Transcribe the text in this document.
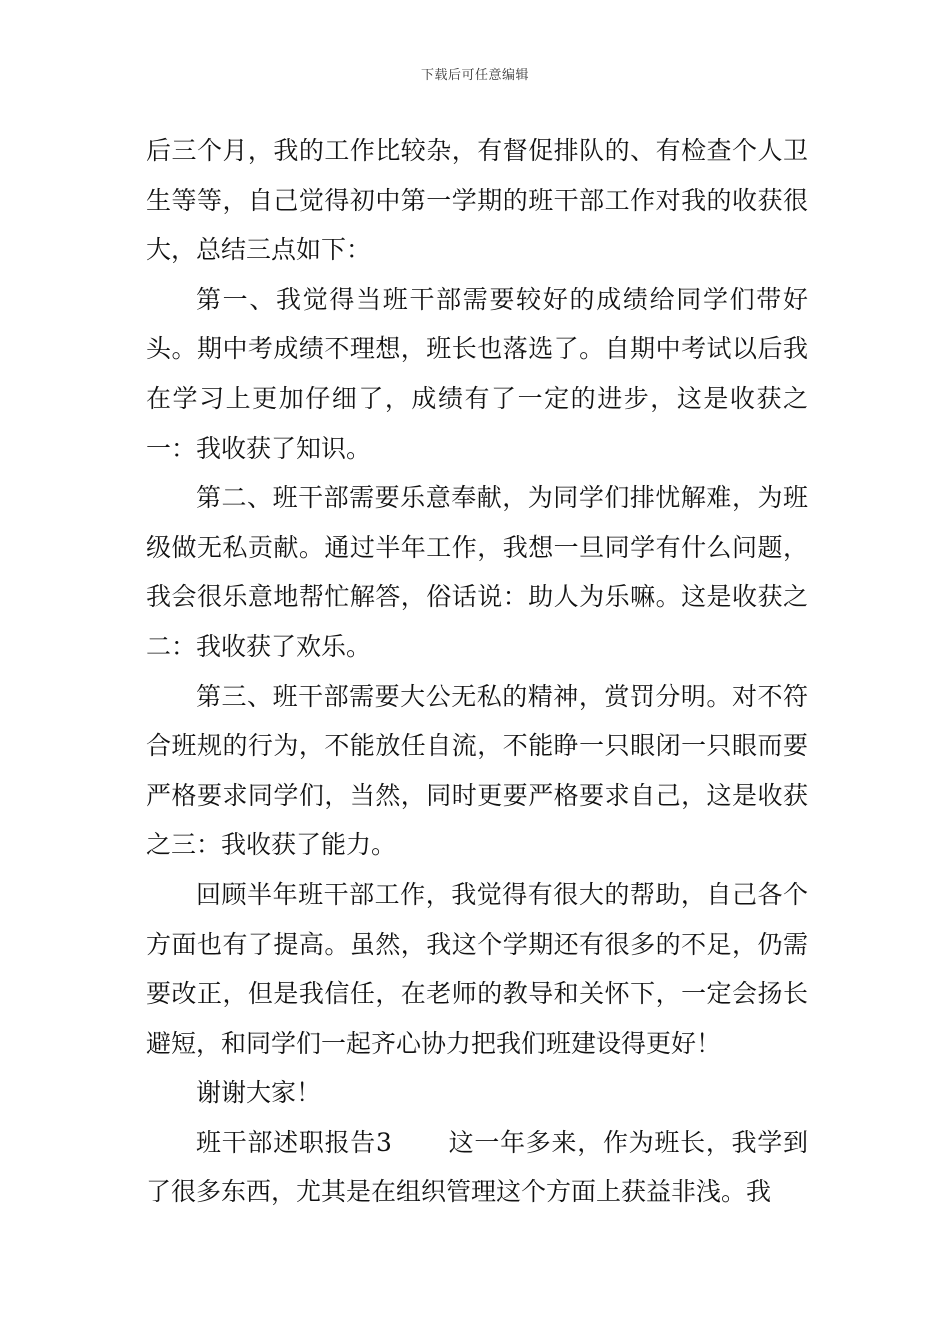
下载后可任意编辑

后三个月，我的工作比较杂，有督促排队的、有检查个人卫生等等，自己觉得初中第一学期的班干部工作对我的收获很大，总结三点如下：

第一、我觉得当班干部需要较好的成绩给同学们带好头。期中考成绩不理想，班长也落选了。自期中考试以后我在学习上更加仔细了，成绩有了一定的进步，这是收获之一：我收获了知识。

第二、班干部需要乐意奉献，为同学们排忧解难，为班级做无私贡献。通过半年工作，我想一旦同学有什么问题，我会很乐意地帮忙解答，俗话说：助人为乐嘛。这是收获之二：我收获了欢乐。

第三、班干部需要大公无私的精神，赏罚分明。对不符合班规的行为，不能放任自流，不能睁一只眼闭一只眼而要严格要求同学们，当然，同时更要严格要求自己，这是收获之三：我收获了能力。

回顾半年班干部工作，我觉得有很大的帮助，自己各个方面也有了提高。虽然，我这个学期还有很多的不足，仍需要改正，但是我信任，在老师的教导和关怀下，一定会扬长避短，和同学们一起齐心协力把我们班建设得更好！

谢谢大家！

班干部述职报告3 这一年多来，作为班长，我学到了很多东西，尤其是在组织管理这个方面上获益非浅。我
